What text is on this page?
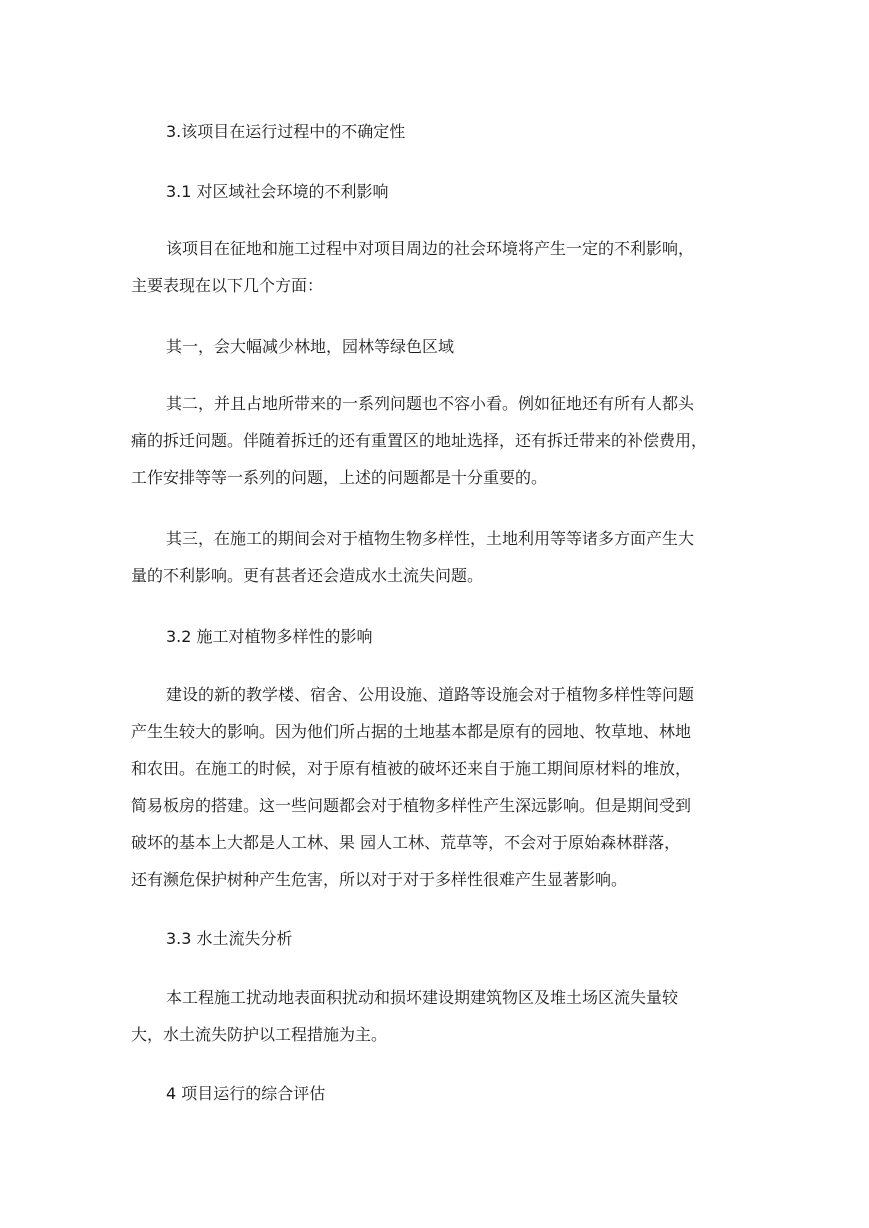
3.该项目在运行过程中的不确定性
3.1 对区域社会环境的不利影响
该项目在征地和施工过程中对项目周边的社会环境将产生一定的不利影响，
主要表现在以下几个方面：
其一，会大幅减少林地，园林等绿色区域
其二，并且占地所带来的一系列问题也不容小看。例如征地还有所有人都头
痛的拆迁问题。伴随着拆迁的还有重置区的地址选择，还有拆迁带来的补偿费用，
工作安排等等一系列的问题，上述的问题都是十分重要的。
其三，在施工的期间会对于植物生物多样性，土地利用等等诸多方面产生大
量的不利影响。更有甚者还会造成水土流失问题。
3.2 施工对植物多样性的影响
建设的新的教学楼、宿舍、公用设施、道路等设施会对于植物多样性等问题
产生生较大的影响。因为他们所占据的土地基本都是原有的园地、牧草地、林地
和农田。在施工的时候，对于原有植被的破坏还来自于施工期间原材料的堆放，
简易板房的搭建。这一些问题都会对于植物多样性产生深远影响。但是期间受到
破坏的基本上大都是人工林、果 园人工林、荒草等，不会对于原始森林群落，
还有濒危保护树种产生危害，所以对于对于多样性很难产生显著影响。
3.3 水土流失分析
本工程施工扰动地表面积扰动和损坏建设期建筑物区及堆土场区流失量较
大，水土流失防护以工程措施为主。
4 项目运行的综合评估
